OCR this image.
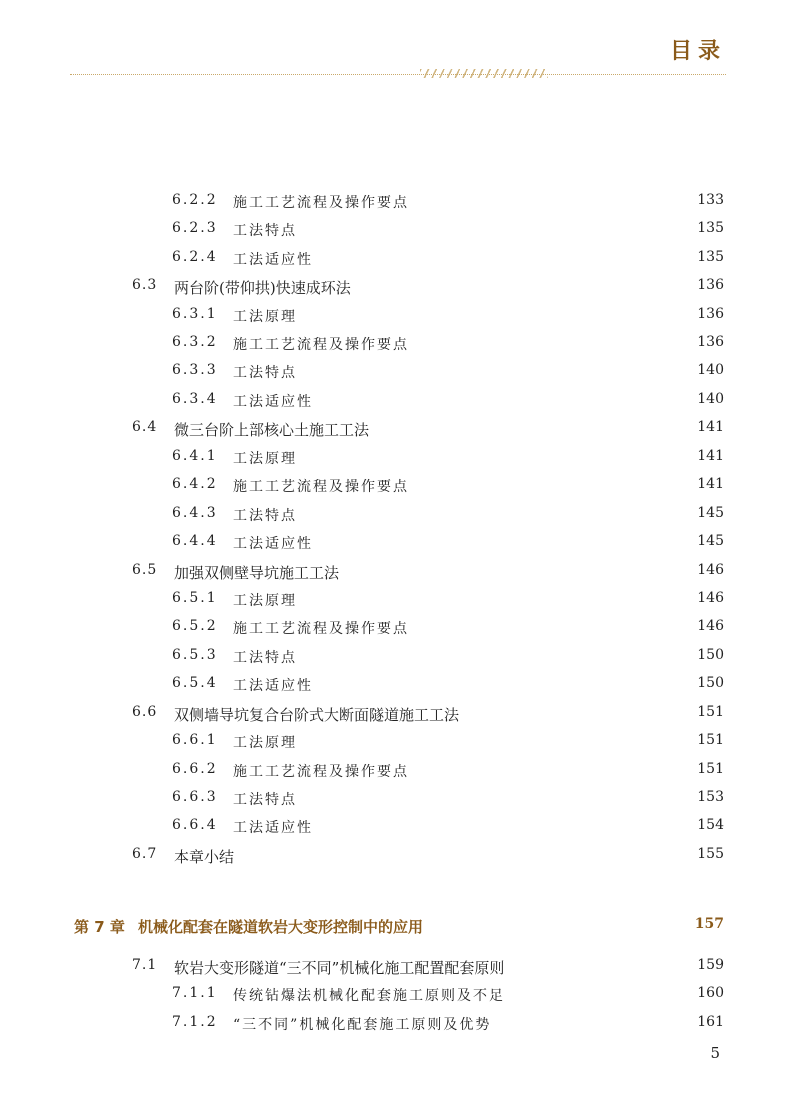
目录
6.2.2 施工工艺流程及操作要点	133
6.2.3 工法特点	135
6.2.4 工法适应性	135
6.3 两台阶(带仰拱)快速成环法	136
6.3.1 工法原理	136
6.3.2 施工工艺流程及操作要点	136
6.3.3 工法特点	140
6.3.4 工法适应性	140
6.4 微三台阶上部核心土施工工法	141
6.4.1 工法原理	141
6.4.2 施工工艺流程及操作要点	141
6.4.3 工法特点	145
6.4.4 工法适应性	145
6.5 加强双侧壁导坑施工工法	146
6.5.1 工法原理	146
6.5.2 施工工艺流程及操作要点	146
6.5.3 工法特点	150
6.5.4 工法适应性	150
6.6 双侧墙导坑复合台阶式大断面隧道施工工法	151
6.6.1 工法原理	151
6.6.2 施工工艺流程及操作要点	151
6.6.3 工法特点	153
6.6.4 工法适应性	154
6.7 本章小结	155
第 7 章 机械化配套在隧道软岩大变形控制中的应用	157
7.1 软岩大变形隧道“三不同”机械化施工配置配套原则	159
7.1.1 传统钻爆法机械化配套施工原则及不足	160
7.1.2 “三不同”机械化配套施工原则及优势	161
5
